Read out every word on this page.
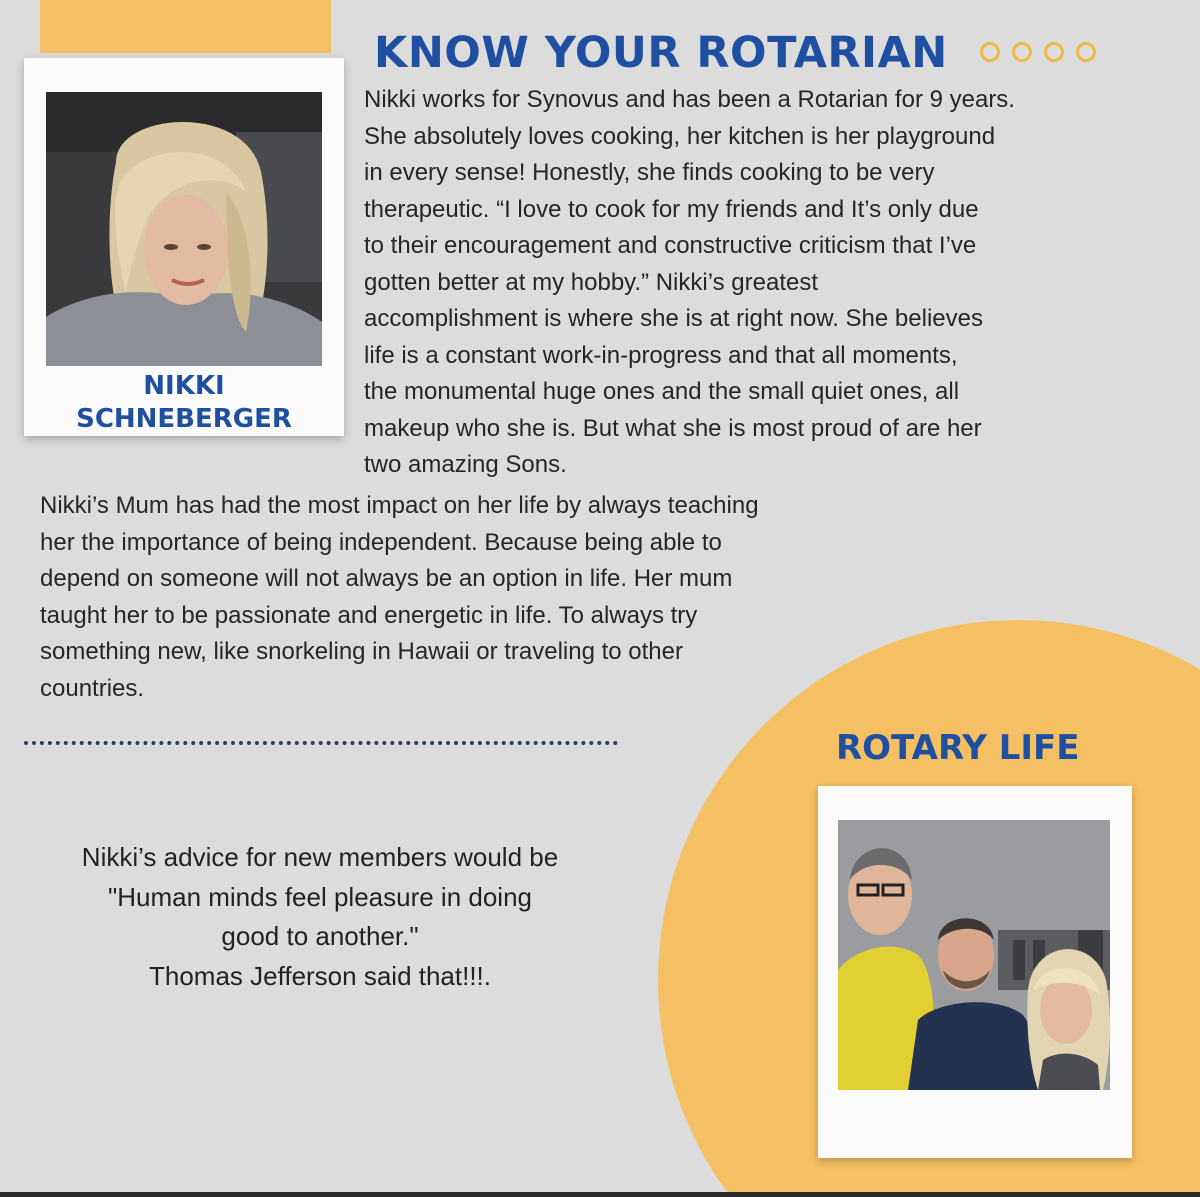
KNOW YOUR ROTARIAN
NIKKI
SCHNEBERGER

Nikki works for Synovus and has been a Rotarian for 9 years.
She absolutely loves cooking, her kitchen is her playground
in every sense! Honestly, she finds cooking to be very
therapeutic. “I love to cook for my friends and It’s only due
to their encouragement and constructive criticism that I’ve
gotten better at my hobby.” Nikki’s greatest
accomplishment is where she is at right now. She believes
life is a constant work-in-progress and that all moments,
the monumental huge ones and the small quiet ones, all
makeup who she is. But what she is most proud of are her
two amazing Sons.

Nikki’s Mum has had the most impact on her life by always teaching
her the importance of being independent. Because being able to
depend on someone will not always be an option in life. Her mum
taught her to be passionate and energetic in life. To always try
something new, like snorkeling in Hawaii or traveling to other
countries.

Nikki’s advice for new members would be
"Human minds feel pleasure in doing
good to another."
Thomas Jefferson said that!!!.

ROTARY LIFE
